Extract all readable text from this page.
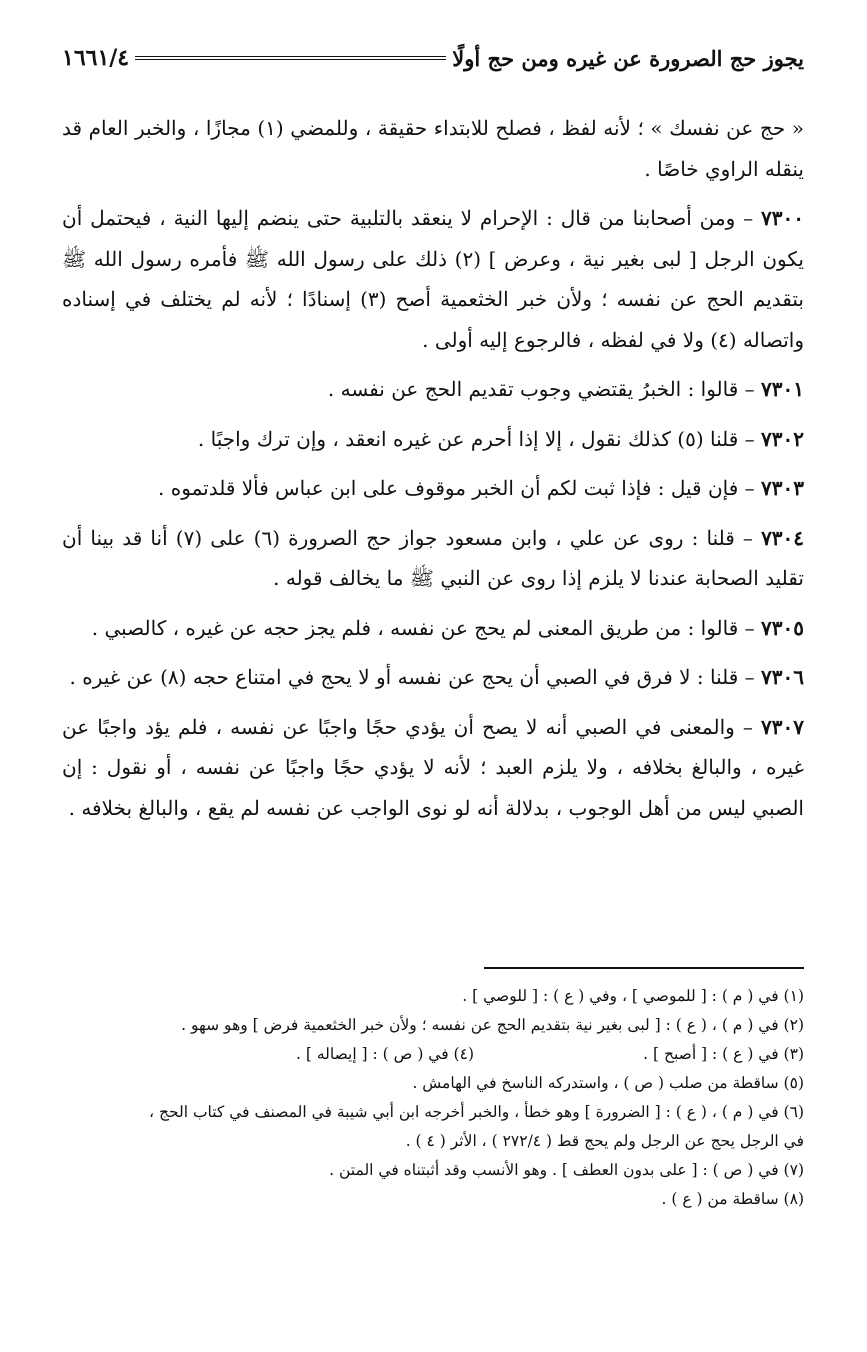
يجوز حج الصرورة عن غيره ومن حج أولًا
١٦٦١/٤

« حج عن نفسك » ؛ لأنه لفظ ، فصلح للابتداء حقيقة ، وللمضي (١) مجازًا ، والخبر العام قد ينقله الراوي خاصًا .

٧٣٠٠ – ومن أصحابنا من قال : الإحرام لا ينعقد بالتلبية حتى ينضم إليها النية ، فيحتمل أن يكون الرجل [ لبى بغير نية ، وعرض ] (٢) ذلك على رسول الله ﷺ فأمره رسول الله ﷺ بتقديم الحج عن نفسه ؛ ولأن خبر الخثعمية أصح (٣) إسنادًا ؛ لأنه لم يختلف في إسناده واتصاله (٤) ولا في لفظه ، فالرجوع إليه أولى .

٧٣٠١ – قالوا : الخبرُ يقتضي وجوب تقديم الحج عن نفسه .

٧٣٠٢ – قلنا (٥) كذلك نقول ، إلا إذا أحرم عن غيره انعقد ، وإن ترك واجبًا .

٧٣٠٣ – فإن قيل : فإذا ثبت لكم أن الخبر موقوف على ابن عباس فألا قلدتموه .

٧٣٠٤ – قلنا : روى عن علي ، وابن مسعود جواز حج الصرورة (٦) على (٧) أنا قد بينا أن تقليد الصحابة عندنا لا يلزم إذا روى عن النبي ﷺ ما يخالف قوله .

٧٣٠٥ – قالوا : من طريق المعنى لم يحج عن نفسه ، فلم يجز حجه عن غيره ، كالصبي .

٧٣٠٦ – قلنا : لا فرق في الصبي أن يحج عن نفسه أو لا يحج في امتناع حجه (٨) عن غيره .

٧٣٠٧ – والمعنى في الصبي أنه لا يصح أن يؤدي حجًا واجبًا عن نفسه ، فلم يؤد واجبًا عن غيره ، والبالغ بخلافه ، ولا يلزم العبد ؛ لأنه لا يؤدي حجًا واجبًا عن نفسه ، أو نقول : إن الصبي ليس من أهل الوجوب ، بدلالة أنه لو نوى الواجب عن نفسه لم يقع ، والبالغ بخلافه .

(١) في ( م ) : [ للموصي ] ، وفي ( ع ) : [ للوصي ] .

(٢) في ( م ) ، ( ع ) : [ لبى بغير نية بتقديم الحج عن نفسه ؛ ولأن خبر الخثعمية فرض ] وهو سهو .

(٣) في ( ع ) : [ أصبح ] .
(٤) في ( ص ) : [ إيصاله ] .

(٥) ساقطة من صلب ( ص ) ، واستدركه الناسخ في الهامش .

(٦) في ( م ) ، ( ع ) : [ الضرورة ] وهو خطأ ، والخبر أخرجه ابن أبي شيبة في المصنف في كتاب الحج ،

في الرجل يحج عن الرجل ولم يحج قط ( ٢٧٢/٤ ) ، الأثر ( ٤ ) .

(٧) في ( ص ) : [ على بدون العطف ] . وهو الأنسب وقد أثبتناه في المتن .

(٨) ساقطة من ( ع ) .
